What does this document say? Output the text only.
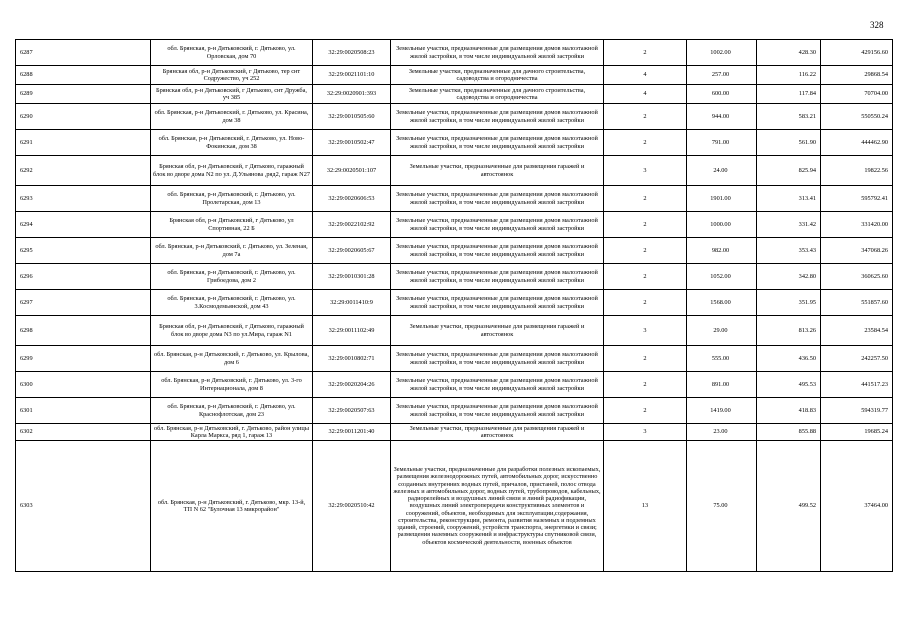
328
6287	обл. Брянская, р-н Дятьковский, г. Дятьково, ул. Орловская, дом 70	32:29:0020508:23	Земельные участки, предназначенные для размещения домов малоэтажной жилой застройки, в том числе индивидуальной жилой застройки	2	1002.00	428.30	429156.60
6288	Брянская обл, р-н Дятьковский, г Дятьково, тер снт Содружество, уч 252	32:29:0021101:10	Земельные участки, предназначенные для дачного строительства, садоводства и огородничества	4	257.00	116.22	29868.54
6289	Брянская обл, р-н Дятьковский, г Дятьково, снт Дружба, уч 385	32:29:0020901:393	Земельные участки, предназначенные для дачного строительства, садоводства и огородничества	4	600.00	117.84	70704.00
6290	обл. Брянская, р-н Дятьковский, г. Дятьково, ул. Красина, дом 38	32:29:0010505:60	Земельные участки, предназначенные для размещения домов малоэтажной жилой застройки, в том числе индивидуальной жилой застройки	2	944.00	583.21	550550.24
6291	обл. Брянская, р-н Дятьковский, г. Дятьково, ул. Ново-Фокинская, дом 38	32:29:0010502:47	Земельные участки, предназначенные для размещения домов малоэтажной жилой застройки, в том числе индивидуальной жилой застройки	2	791.00	561.90	444462.90
6292	Брянская обл, р-н Дятьковский, г Дятьково, гаражный блок во дворе дома N2 по ул. Д.Ульянова ,ряд2, гараж N27	32:29:0020501:107	Земельные участки, предназначенные для размещения гаражей и автостоянок	3	24.00	825.94	19822.56
6293	обл. Брянская, р-н Дятьковский, г. Дятьково, ул. Пролетарская, дом 13	32:29:0020606:53	Земельные участки, предназначенные для размещения домов малоэтажной жилой застройки, в том числе индивидуальной жилой застройки	2	1901.00	313.41	595792.41
6294	Брянская обл, р-н Дятьковский, г Дятьково, ул Спортивная, 22 Б	32:29:0022102:92	Земельные участки, предназначенные для размещения домов малоэтажной жилой застройки, в том числе индивидуальной жилой застройки	2	1000.00	331.42	331420.00
6295	обл. Брянская, р-н Дятьковский, г. Дятьково, ул. Зеленая, дом 7а	32:29:0020605:67	Земельные участки, предназначенные для размещения домов малоэтажной жилой застройки, в том числе индивидуальной жилой застройки	2	982.00	353.43	347068.26
6296	обл. Брянская, р-н Дятьковский, г. Дятьково, ул. Грибоедова, дом 2	32:29:0010301:28	Земельные участки, предназначенные для размещения домов малоэтажной жилой застройки, в том числе индивидуальной жилой застройки	2	1052.00	342.80	360625.60
6297	обл. Брянская, р-н Дятьковский, г. Дятьково, ул. 3.Космодемьянской, дом 43	32:29:0011410:9	Земельные участки, предназначенные для размещения домов малоэтажной жилой застройки, в том числе индивидуальной жилой застройки	2	1568.00	351.95	551857.60
6298	Брянская обл, р-н Дятьковский, г Дятьково, гаражный блок во дворе дома N3 по ул.Мира, гараж N1	32:29:0011102:49	Земельные участки, предназначенные для размещения гаражей и автостоянок	3	29.00	813.26	23584.54
6299	обл. Брянская, р-н Дятьковский, г. Дятьково, ул. Крылова, дом 6	32:29:0010802:71	Земельные участки, предназначенные для размещения домов малоэтажной жилой застройки, в том числе индивидуальной жилой застройки	2	555.00	436.50	242257.50
6300	обл. Брянская, р-н Дятьковский, г. Дятьково, ул. 3-го Интернационала, дом 8	32:29:0020204:26	Земельные участки, предназначенные для размещения домов малоэтажной жилой застройки, в том числе индивидуальной жилой застройки	2	891.00	495.53	441517.23
6301	обл. Брянская, р-н Дятьковский, г. Дятьково, ул. Краснофлотская, дом 23	32:29:0020507:63	Земельные участки, предназначенные для размещения домов малоэтажной жилой застройки, в том числе индивидуальной жилой застройки	2	1419.00	418.83	594319.77
6302	обл. Брянская, р-н Дятьковский, г. Дятьково, район улицы Карла Маркса, ряд 1, гараж 13	32:29:0011201:40	Земельные участки, предназначенные для размещения гаражей и автостоянок	3	23.00	855.88	19685.24
6303	обл. Брянская, р-н Дятьковский, г. Дятьково, мкр. 13-й, ТП N 62 "Булочная 13 микрорайон"	32:29:0020510:42	Земельные участки, предназначенные для разработки полезных ископаемых, размещения железнодорожных путей, автомобильных дорог, искусственно созданных внутренних водных путей, причалов, пристаней, полос отвода железных и автомобильных дорог, водных путей, трубопроводов, кабельных, радиорелейных и воздушных линий связи и линий радиофикации, воздушных линий электропередачи конструктивных элементов и сооружений, объектов, необходимых для эксплуатации,содержания, строительства, реконструкции, ремонта, развития наземных и подземных зданий, строений, сооружений, устройств транспорта, энергетики и связи; размещения наземных сооружений и инфраструктуры спутниковой связи, объектов космической деятельности, военных объектов	13	75.00	499.52	37464.00
